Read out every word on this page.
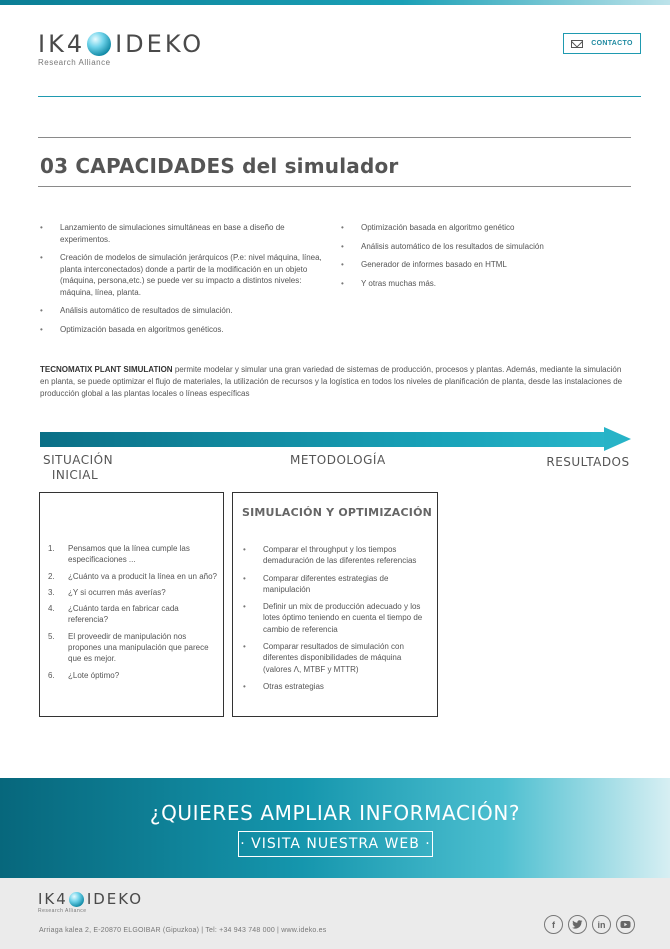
IK4 IDEKO
Research Alliance
CONTACTO
03 CAPACIDADES del simulador
• Lanzamiento de simulaciones simultáneas en base a diseño de experimentos.
• Creación de modelos de simulación jerárquicos (P.e: nivel máquina, línea, planta interconectados) donde a partir de la modificación en un objeto (máquina, persona,etc.) se puede ver su impacto a distintos niveles: máquina, línea, planta.
• Análisis automático de resultados de simulación.
• Optimización basada en algoritmos genéticos.
• Optimización basada en algoritmo genético
• Análisis automático de los resultados de simulación
• Generador de informes basado en HTML
• Y otras muchas más.

TECNOMATIX PLANT SIMULATION permite modelar y simular una gran variedad de sistemas de producción, procesos y plantas. Además, mediante la simulación en planta, se puede optimizar el flujo de materiales, la utilización de recursos y la logística en todos los niveles de planificación de planta, desde las instalaciones de producción global a las plantas locales o líneas específicas

SITUACIÓN
INICIAL
METODOLOGÍA	RESULTADOS
1. Pensamos que la línea cumple las especificaciones ...
2. ¿Cuánto va a producit la línea en un año?
3. ¿Y si ocurren más averías?
4. ¿Cuánto tarda en fabricar cada referencia?
5. El proveedir de manipulación nos propones una manipulación que parece que es mejor.
6. ¿Lote óptimo?
SIMULACIÓN Y OPTIMIZACIÓN
• Comparar el throughput y los tiempos demaduración de las diferentes referencias
• Comparar diferentes estrategias de manipulación
• Definir un mix de producción adecuado y los lotes óptimo teniendo en cuenta el tiempo de cambio de referencia
• Comparar resultados de simulación con diferentes disponibilidades de máquina (valores Λ, MTBF y MTTR)
• Otras estrategias
¿QUIERES AMPLIAR INFORMACIÓN?
· VISITA NUESTRA WEB ·
IK4 IDEKO
Research Alliance
Arriaga kalea 2, E-20870 ELGOIBAR (Gipuzkoa) | Tel: +34 943 748 000 | www.ideko.es
f	in
